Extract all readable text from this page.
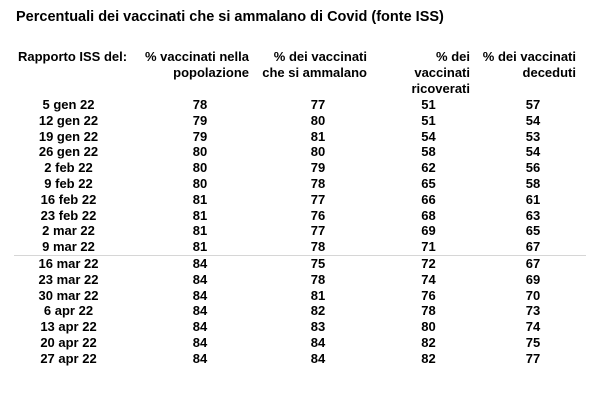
Percentuali dei vaccinati che si ammalano di Covid (fonte ISS)
Rapporto ISS del:	% vaccinati nella popolazione	% dei vaccinati che si ammalano	% dei vaccinati ricoverati	% dei vaccinati deceduti
5 gen 22	78	77	51	57
12 gen 22	79	80	51	54
19 gen 22	79	81	54	53
26 gen 22	80	80	58	54
2 feb 22	80	79	62	56
9 feb 22	80	78	65	58
16 feb 22	81	77	66	61
23 feb 22	81	76	68	63
2 mar 22	81	77	69	65
9 mar 22	81	78	71	67
16 mar 22	84	75	72	67
23 mar 22	84	78	74	69
30 mar 22	84	81	76	70
6 apr 22	84	82	78	73
13 apr 22	84	83	80	74
20 apr 22	84	84	82	75
27 apr 22	84	84	82	77
